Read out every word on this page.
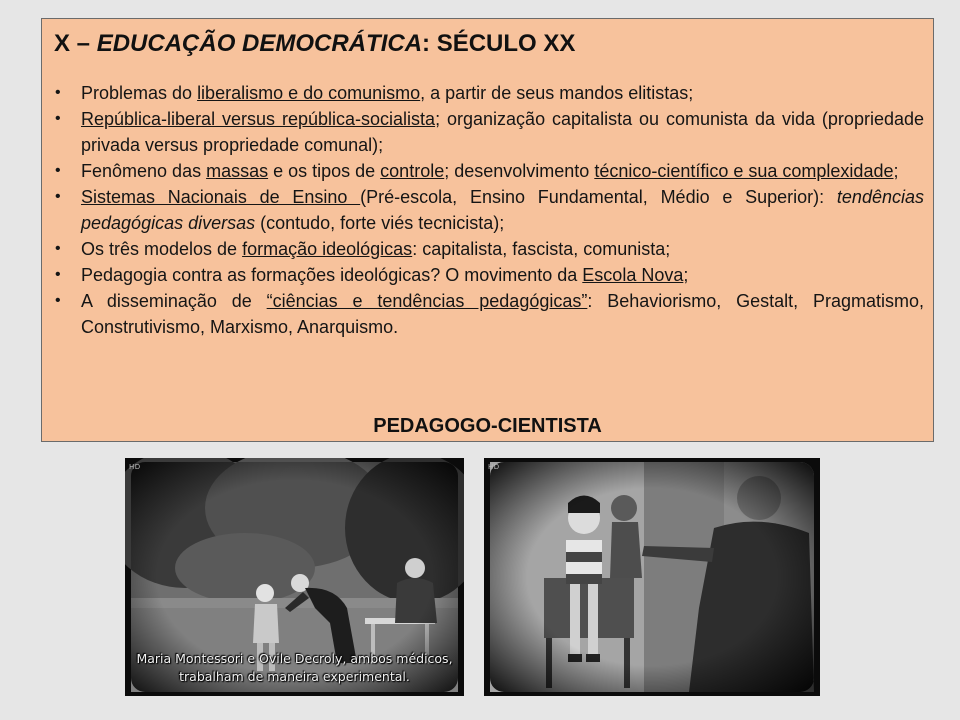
X – EDUCAÇÃO DEMOCRÁTICA: SÉCULO XX
• Problemas do liberalismo e do comunismo, a partir de seus mandos elitistas;
• República-liberal versus república-socialista; organização capitalista ou comunista da vida (propriedade privada versus propriedade comunal);
• Fenômeno das massas e os tipos de controle; desenvolvimento técnico-científico e sua complexidade;
• Sistemas Nacionais de Ensino (Pré-escola, Ensino Fundamental, Médio e Superior): tendências pedagógicas diversas (contudo, forte viés tecnicista);
• Os três modelos de formação ideológicas: capitalista, fascista, comunista;
• Pedagogia contra as formações ideológicas? O movimento da Escola Nova;
• A disseminação de “ciências e tendências pedagógicas”: Behaviorismo, Gestalt, Pragmatismo, Construtivismo, Marxismo, Anarquismo.
PEDAGOGO-CIENTISTA
HD
Maria Montessori e Ovile Decroly, ambos médicos,
trabalham de maneira experimental.
HD
